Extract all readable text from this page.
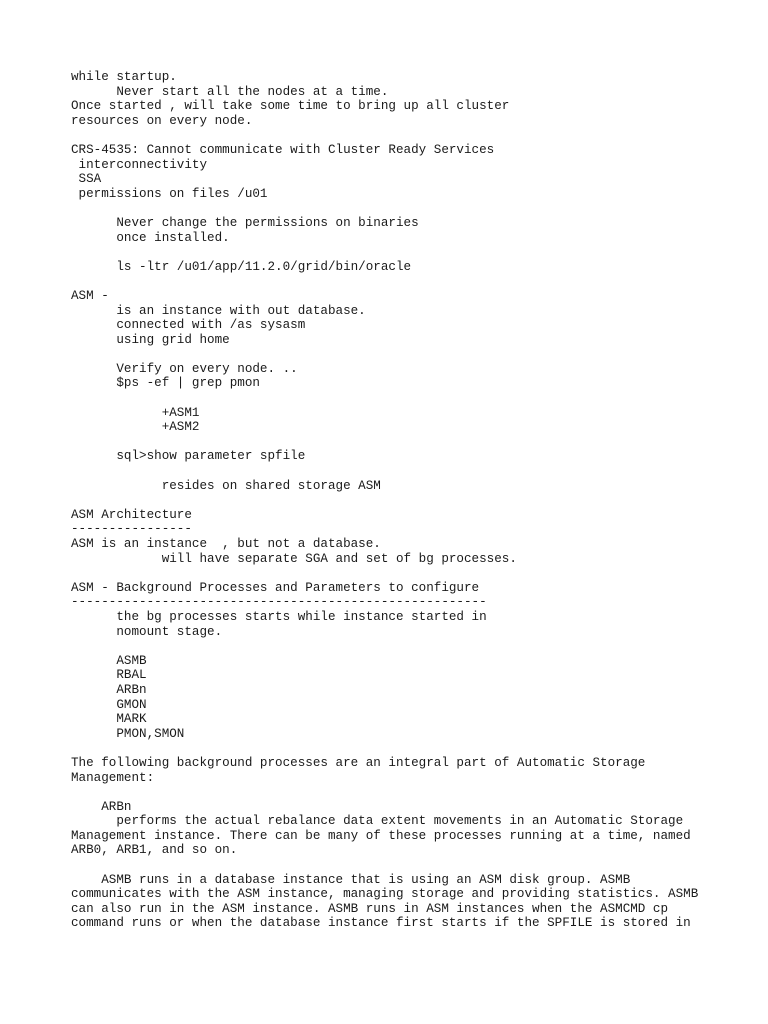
while startup.
Never start all the nodes at a time.
Once started , will take some time to bring up all cluster
resources on every node.
CRS-4535: Cannot communicate with Cluster Ready Services
interconnectivity
SSA
permissions on files /u01
Never change the permissions on binaries
once installed.
ls -ltr /u01/app/11.2.0/grid/bin/oracle
ASM -
is an instance with out database.
connected with /as sysasm
using grid home
Verify on every node. ..
$ps -ef | grep pmon
+ASM1
+ASM2
sql>show parameter spfile
resides on shared storage ASM
ASM Architecture
----------------
ASM is an instance  , but not a database.
will have separate SGA and set of bg processes.
ASM - Background Processes and Parameters to configure
-------------------------------------------------------
the bg processes starts while instance started in
nomount stage.
ASMB
RBAL
ARBn
GMON
MARK
PMON,SMON
The following background processes are an integral part of Automatic Storage
Management:
ARBn
performs the actual rebalance data extent movements in an Automatic Storage
Management instance. There can be many of these processes running at a time, named
ARB0, ARB1, and so on.
ASMB runs in a database instance that is using an ASM disk group. ASMB
communicates with the ASM instance, managing storage and providing statistics. ASMB
can also run in the ASM instance. ASMB runs in ASM instances when the ASMCMD cp
command runs or when the database instance first starts if the SPFILE is stored in
